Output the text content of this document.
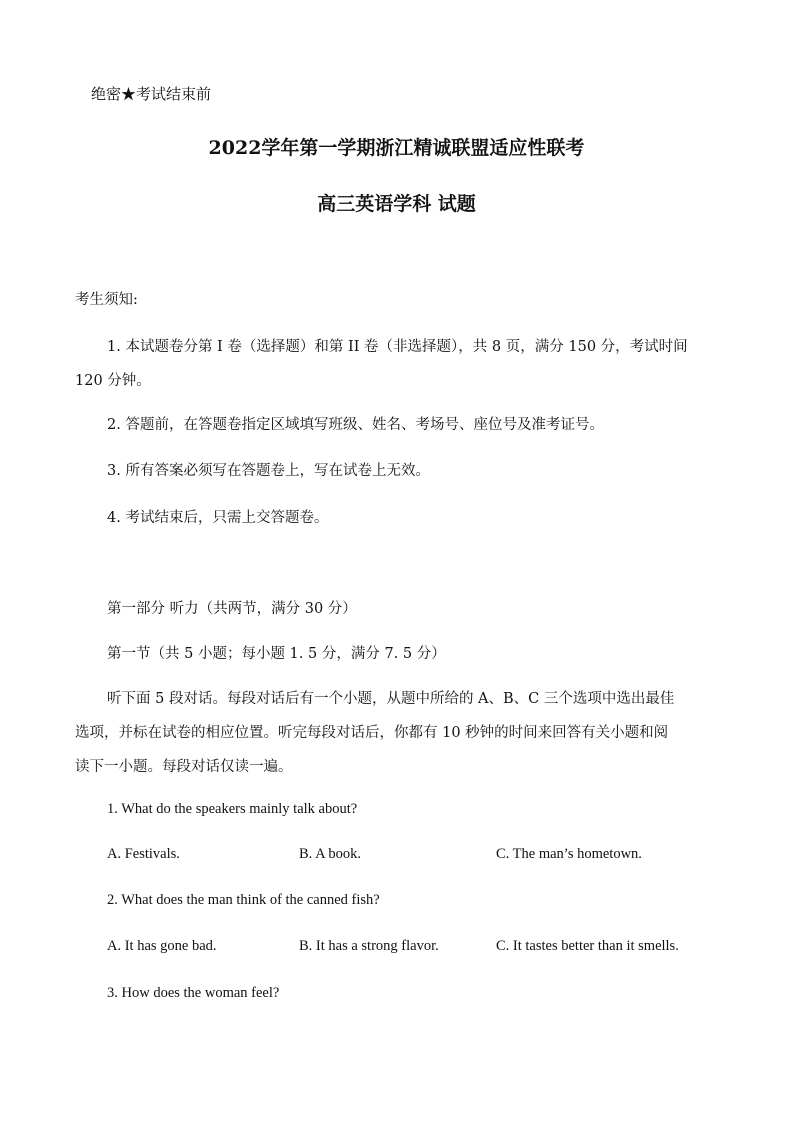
绝密★考试结束前
2022学年第一学期浙江精诚联盟适应性联考
高三英语学科 试题
考生须知:
1. 本试题卷分第 I 卷（选择题）和第 II 卷（非选择题），共 8 页，满分 150 分，考试时间
120 分钟。
2. 答题前，在答题卷指定区域填写班级、姓名、考场号、座位号及准考证号。
3. 所有答案必须写在答题卷上，写在试卷上无效。
4. 考试结束后，只需上交答题卷。
第一部分 听力（共两节，满分 30 分）
第一节（共 5 小题；每小题 1. 5 分，满分 7. 5 分）
听下面 5 段对话。每段对话后有一个小题，从题中所给的 A、B、C 三个选项中选出最佳
选项，并标在试卷的相应位置。听完每段对话后，你都有 10 秒钟的时间来回答有关小题和阅
读下一小题。每段对话仅读一遍。
1. What do the speakers mainly talk about?
A. Festivals.	B. A book.	C. The man’s hometown.
2. What does the man think of the canned fish?
A. It has gone bad.	B. It has a strong flavor.	C. It tastes better than it smells.
3. How does the woman feel?
